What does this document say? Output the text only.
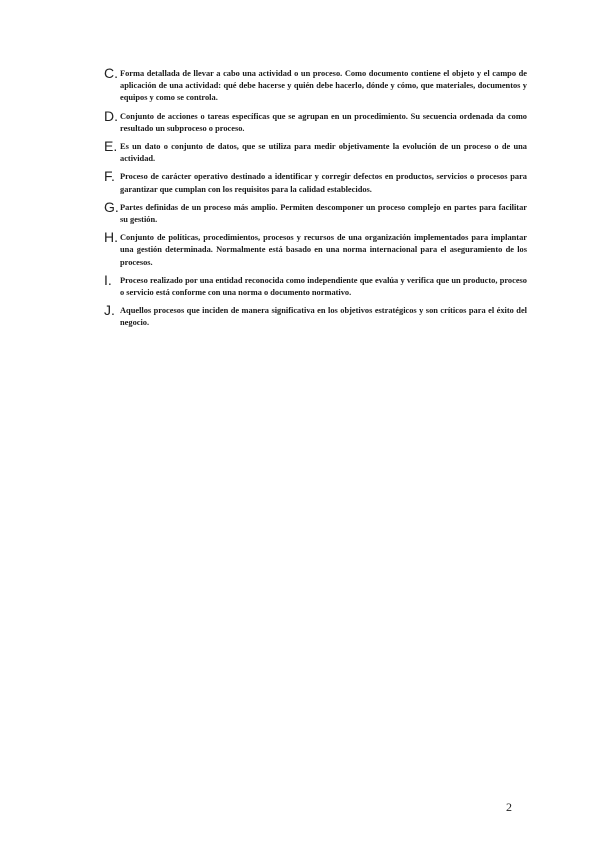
C. Forma detallada de llevar a cabo una actividad o un proceso. Como documento contiene el objeto y el campo de aplicación de una actividad: qué debe hacerse y quién debe hacerlo, dónde y cómo, que materiales, documentos y equipos y como se controla.
D. Conjunto de acciones o tareas específicas que se agrupan en un procedimiento. Su secuencia ordenada da como resultado un subproceso o proceso.
E. Es un dato o conjunto de datos, que se utiliza para medir objetivamente la evolución de un proceso o de una actividad.
F. Proceso de carácter operativo destinado a identificar y corregir defectos en productos, servicios o procesos para garantizar que cumplan con los requisitos para la calidad establecidos.
G. Partes definidas de un proceso más amplio. Permiten descomponer un proceso complejo en partes para facilitar su gestión.
H. Conjunto de políticas, procedimientos, procesos y recursos de una organización implementados para implantar una gestión determinada. Normalmente está basado en una norma internacional para el aseguramiento de los procesos.
I. Proceso realizado por una entidad reconocida como independiente que evalúa y verifica que un producto, proceso o servicio está conforme con una norma o documento normativo.
J. Aquellos procesos que inciden de manera significativa en los objetivos estratégicos y son críticos para el éxito del negocio.
2
